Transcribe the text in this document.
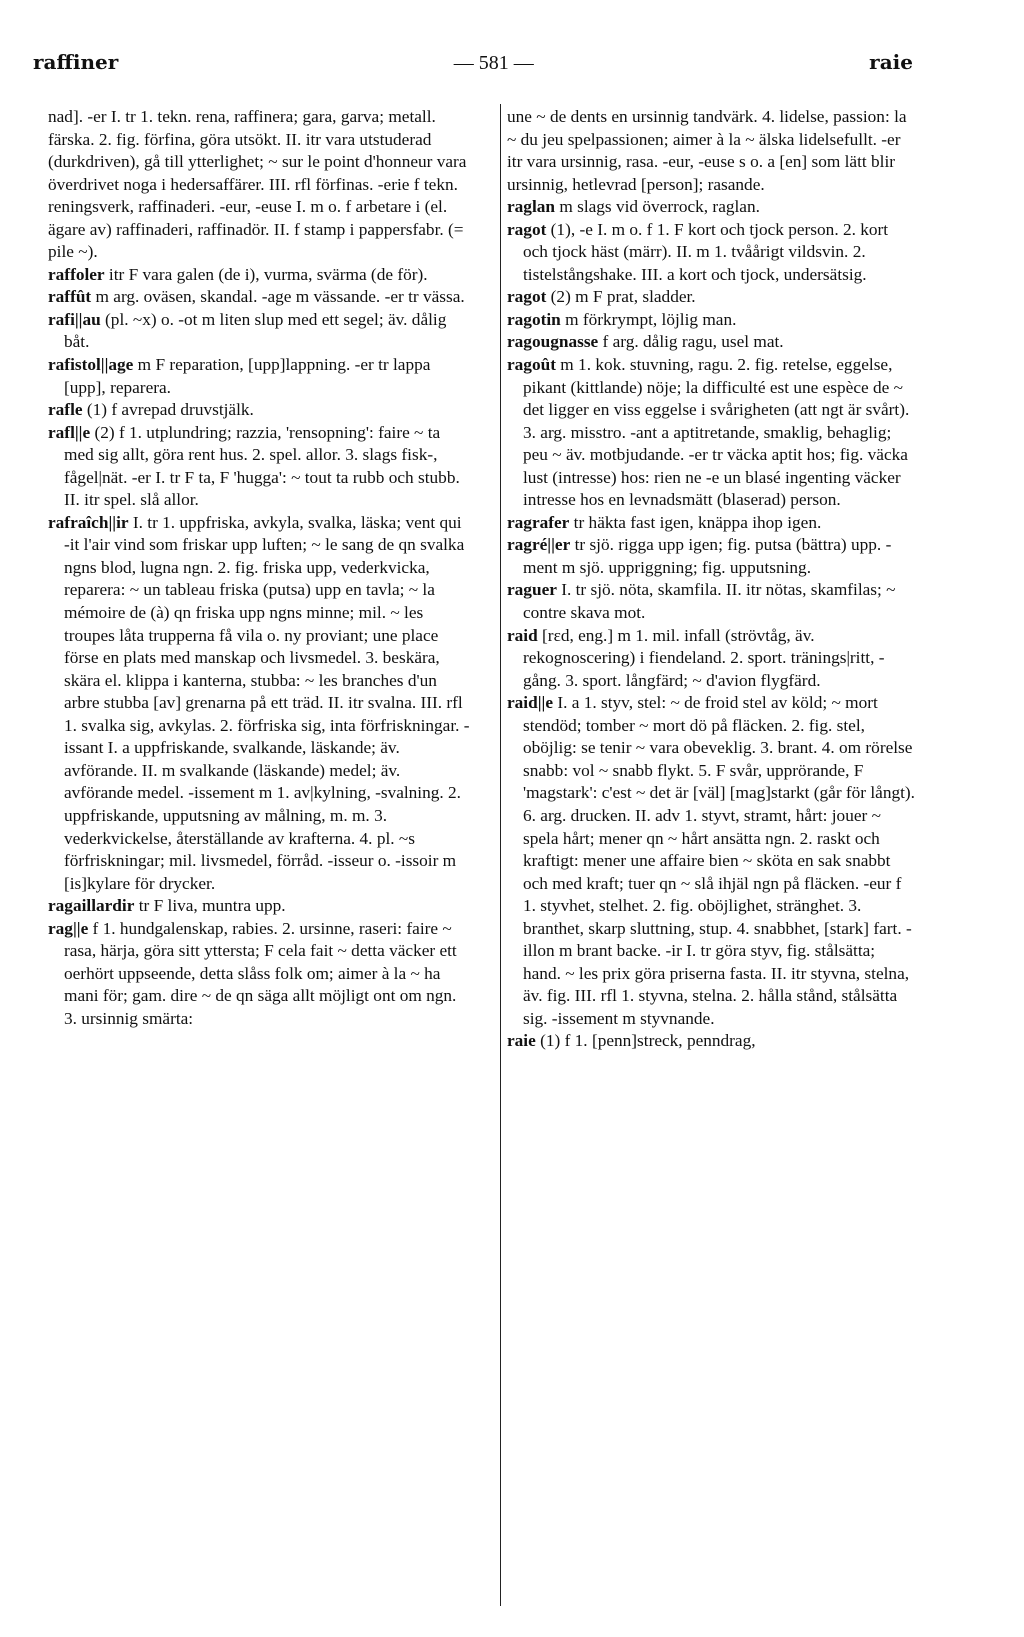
raffiner	— 581 —	raie

nad]. -er I. tr 1. tekn. rena, raffinera; gara, garva; metall. färska. 2. fig. förfina, göra utsökt. II. itr vara utstuderad (durkdriven), gå till ytterlighet; ~ sur le point d'honneur vara överdrivet noga i hedersaffärer. III. rfl förfinas. -erie f tekn. reningsverk, raffinaderi. -eur, -euse I. m o. f arbetare i (el. ägare av) raffinaderi, raffinadör. II. f stamp i pappersfabr. (= pile ~).

raffoler itr F vara galen (de i), vurma, svärma (de för).

raffût m arg. oväsen, skandal. -age m vässande. -er tr vässa.

rafi||au (pl. ~x) o. -ot m liten slup med ett segel; äv. dålig båt.

rafistol||age m F reparation, [upp]lappning. -er tr lappa [upp], reparera.

rafle (1) f avrepad druvstjälk.

rafl||e (2) f 1. utplundring; razzia, 'rensopning': faire ~ ta med sig allt, göra rent hus. 2. spel. allor. 3. slags fisk-, fågel|nät. -er I. tr F ta, F 'hugga': ~ tout ta rubb och stubb. II. itr spel. slå allor.

rafraîch||ir I. tr 1. uppfriska, avkyla, svalka, läska; vent qui -it l'air vind som friskar upp luften; ~ le sang de qn svalka ngns blod, lugna ngn. 2. fig. friska upp, vederkvicka, reparera: ~ un tableau friska (putsa) upp en tavla; ~ la mémoire de (à) qn friska upp ngns minne; mil. ~ les troupes låta trupperna få vila o. ny proviant; une place förse en plats med manskap och livsmedel. 3. beskära, skära el. klippa i kanterna, stubba: ~ les branches d'un arbre stubba [av] grenarna på ett träd. II. itr svalna. III. rfl 1. svalka sig, avkylas. 2. förfriska sig, inta förfriskningar. -issant I. a uppfriskande, svalkande, läskande; äv. avförande. II. m svalkande (läskande) medel; äv. avförande medel. -issement m 1. av|kylning, -svalning. 2. uppfriskande, upputsning av målning, m. m. 3. vederkvickelse, återställande av krafterna. 4. pl. ~s förfriskningar; mil. livsmedel, förråd. -isseur o. -issoir m [is]kylare för drycker.

ragaillardir tr F liva, muntra upp.

rag||e f 1. hundgalenskap, rabies. 2. ursinne, raseri: faire ~ rasa, härja, göra sitt yttersta; F cela fait ~ detta väcker ett oerhört uppseende, detta slåss folk om; aimer à la ~ ha mani för; gam. dire ~ de qn säga allt möjligt ont om ngn. 3. ursinnig smärta:

une ~ de dents en ursinnig tandvärk. 4. lidelse, passion: la ~ du jeu spelpassionen; aimer à la ~ älska lidelsefullt. -er itr vara ursinnig, rasa. -eur, -euse s o. a [en] som lätt blir ursinnig, hetlevrad [person]; rasande.

raglan m slags vid överrock, raglan.

ragot (1), -e I. m o. f 1. F kort och tjock person. 2. kort och tjock häst (märr). II. m 1. tvåårigt vildsvin. 2. tistelstångshake. III. a kort och tjock, undersätsig.

ragot (2) m F prat, sladder.

ragotin m förkrympt, löjlig man.

ragougnasse f arg. dålig ragu, usel mat.

ragoût m 1. kok. stuvning, ragu. 2. fig. retelse, eggelse, pikant (kittlande) nöje; la difficulté est une espèce de ~ det ligger en viss eggelse i svårigheten (att ngt är svårt). 3. arg. misstro. -ant a aptitretande, smaklig, behaglig; peu ~ äv. motbjudande. -er tr väcka aptit hos; fig. väcka lust (intresse) hos: rien ne -e un blasé ingenting väcker intresse hos en levnadsmätt (blaserad) person.

ragrafer tr häkta fast igen, knäppa ihop igen.

ragré||er tr sjö. rigga upp igen; fig. putsa (bättra) upp. -ment m sjö. uppriggning; fig. upputsning.

raguer I. tr sjö. nöta, skamfila. II. itr nötas, skamfilas; ~ contre skava mot.

raid [rɛd, eng.] m 1. mil. infall (strövtåg, äv. rekognoscering) i fiendeland. 2. sport. tränings|ritt, -gång. 3. sport. långfärd; ~ d'avion flygfärd.

raid||e I. a 1. styv, stel: ~ de froid stel av köld; ~ mort stendöd; tomber ~ mort dö på fläcken. 2. fig. stel, oböjlig: se tenir ~ vara obeveklig. 3. brant. 4. om rörelse snabb: vol ~ snabb flykt. 5. F svår, upprörande, F 'magstark': c'est ~ det är [väl] [mag]starkt (går för långt). 6. arg. drucken. II. adv 1. styvt, stramt, hårt: jouer ~ spela hårt; mener qn ~ hårt ansätta ngn. 2. raskt och kraftigt: mener une affaire bien ~ sköta en sak snabbt och med kraft; tuer qn ~ slå ihjäl ngn på fläcken. -eur f 1. styvhet, stelhet. 2. fig. oböjlighet, stränghet. 3. branthet, skarp sluttning, stup. 4. snabbhet, [stark] fart. -illon m brant backe. -ir I. tr göra styv, fig. stålsätta; hand. ~ les prix göra priserna fasta. II. itr styvna, stelna, äv. fig. III. rfl 1. styvna, stelna. 2. hålla stånd, stålsätta sig. -issement m styvnande.

raie (1) f 1. [penn]streck, penndrag,
